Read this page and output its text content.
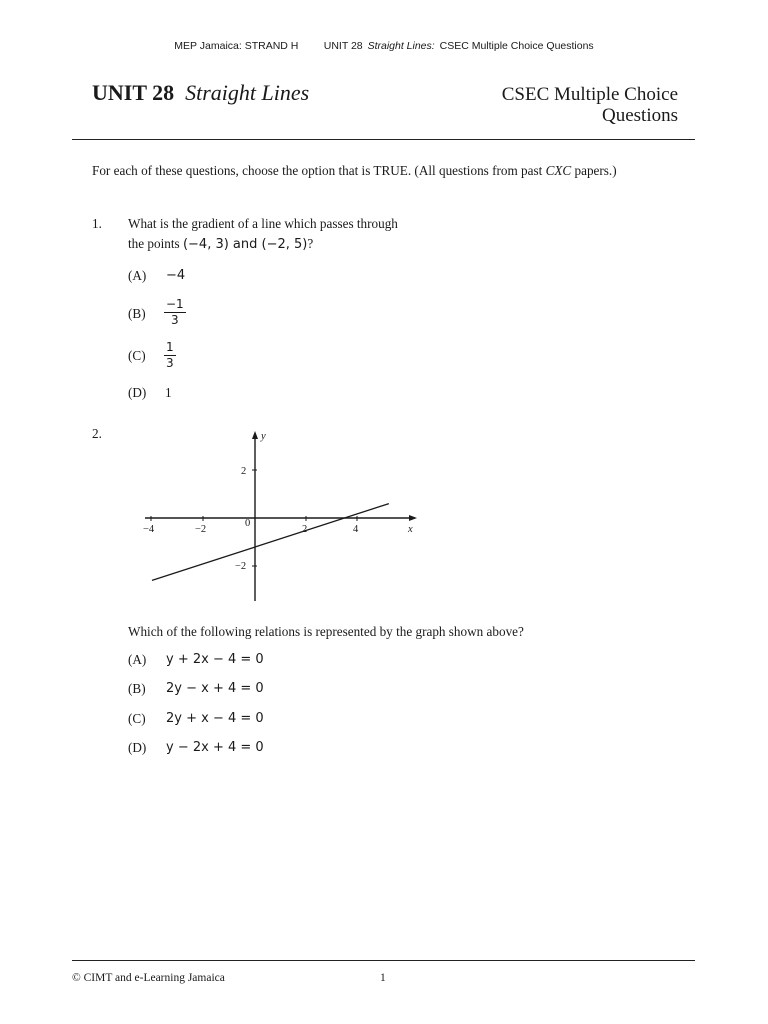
MEP Jamaica: STRAND H UNIT 28 Straight Lines: CSEC Multiple Choice Questions
UNIT 28 Straight Lines	CSEC Multiple Choice
Questions
For each of these questions, choose the option that is TRUE. (All questions from past CXC papers.)
1. What is the gradient of a line which passes through
the points (−4, 3) and (−2, 5)?
(A) −4
$(B) \frac{-1}{3}$
$(C) \frac{1}{3}$
(D) 1
2.	y
x
0
−4	−2	2	4
2
−2
Which of the following relations is represented by the graph shown above?
(A) y + 2x − 4 = 0
(B) 2y − x + 4 = 0
(C) 2y + x − 4 = 0
(D) y − 2x + 4 = 0
© CIMT and e-Learning Jamaica	1
